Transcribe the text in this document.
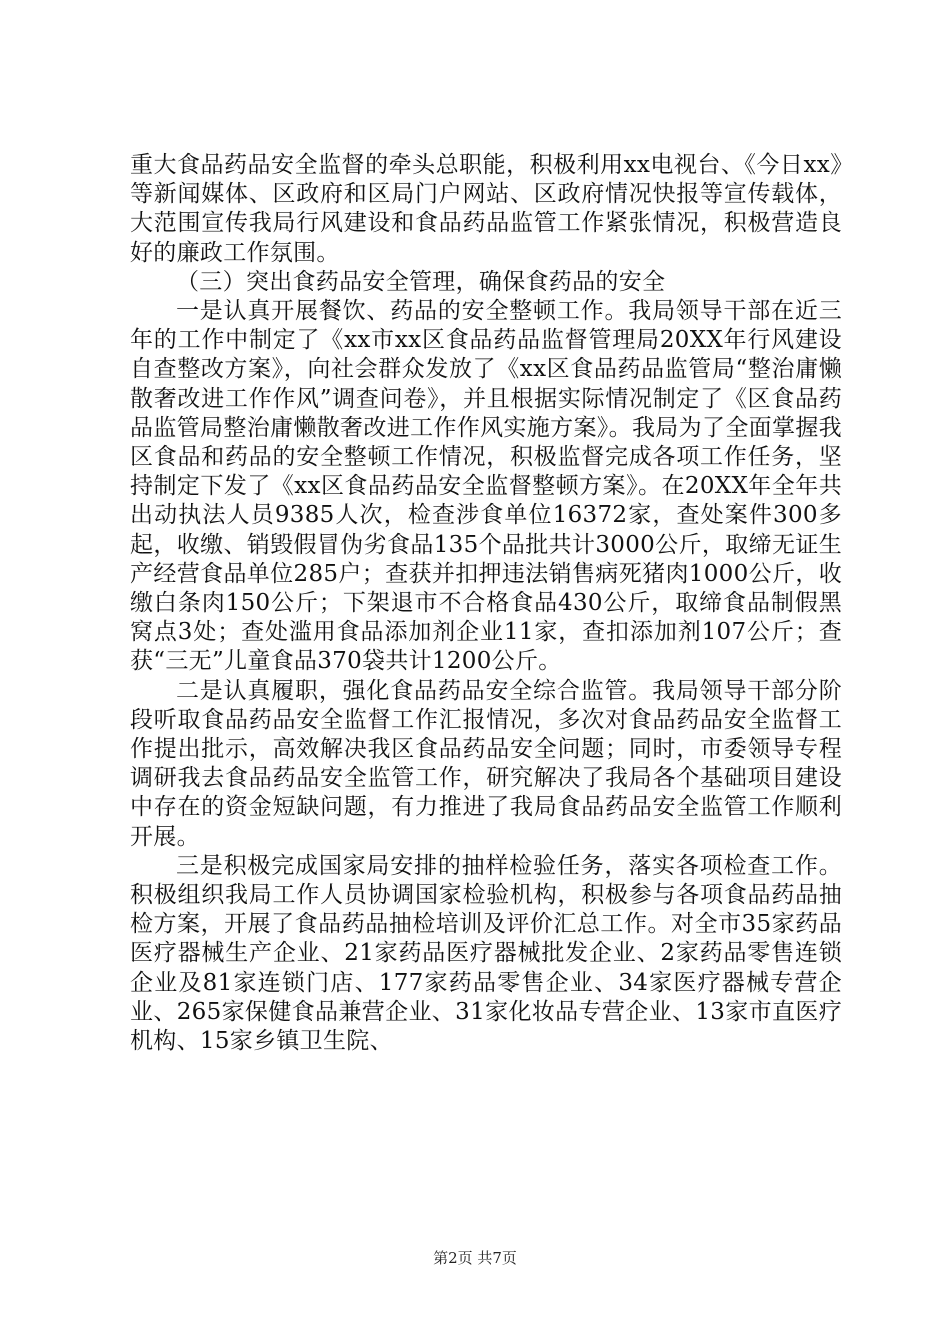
重大食品药品安全监督的牵头总职能，积极利用xx电视台、《今日xx》等新闻媒体、区政府和区局门户网站、区政府情况快报等宣传载体，大范围宣传我局行风建设和食品药品监管工作紧张情况，积极营造良好的廉政工作氛围。

（三）突出食药品安全管理，确保食药品的安全

一是认真开展餐饮、药品的安全整顿工作。我局领导干部在近三年的工作中制定了《xx市xx区食品药品监督管理局20XX年行风建设自查整改方案》，向社会群众发放了《xx区食品药品监管局“整治庸懒散奢改进工作作风”调查问卷》，并且根据实际情况制定了《区食品药品监管局整治庸懒散奢改进工作作风实施方案》。我局为了全面掌握我区食品和药品的安全整顿工作情况，积极监督完成各项工作任务，坚持制定下发了《xx区食品药品安全监督整顿方案》。在20XX年全年共出动执法人员9385人次，检查涉食单位16372家，查处案件300多起，收缴、销毁假冒伪劣食品135个品批共计3000公斤，取缔无证生产经营食品单位285户；查获并扣押违法销售病死猪肉1000公斤，收缴白条肉150公斤；下架退市不合格食品430公斤，取缔食品制假黑窝点3处；查处滥用食品添加剂企业11家，查扣添加剂107公斤；查获“三无”儿童食品370袋共计1200公斤。

二是认真履职，强化食品药品安全综合监管。我局领导干部分阶段听取食品药品安全监督工作汇报情况，多次对食品药品安全监督工作提出批示，高效解决我区食品药品安全问题；同时，市委领导专程调研我去食品药品安全监管工作，研究解决了我局各个基础项目建设中存在的资金短缺问题，有力推进了我局食品药品安全监管工作顺利开展。

三是积极完成国家局安排的抽样检验任务，落实各项检查工作。积极组织我局工作人员协调国家检验机构，积极参与各项食品药品抽检方案，开展了食品药品抽检培训及评价汇总工作。对全市35家药品医疗器械生产企业、21家药品医疗器械批发企业、2家药品零售连锁企业及81家连锁门店、177家药品零售企业、34家医疗器械专营企业、265家保健食品兼营企业、31家化妆品专营企业、13家市直医疗机构、15家乡镇卫生院、

第2页 共7页
